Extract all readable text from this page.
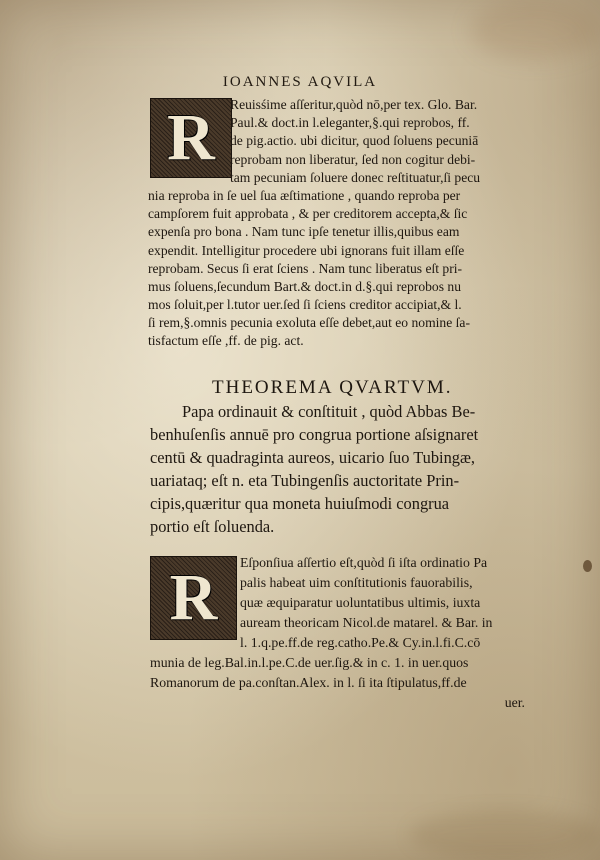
IOANNES AQVILA
R	Reuisśime aſſeritur,quòd nō,per tex. Glo. Bar.
Paul.& doct.in l.eleganter,§.qui reprobos, ff.
de pig.actio. ubi dicitur, quod ſoluens pecuniā
reprobam non liberatur, ſed non cogitur debi-
tam pecuniam ſoluere donec reſtituatur,ſi pecu
nia reproba in ſe uel ſua æſtimatione , quando reproba per
campſorem fuit approbata , & per creditorem accepta,& ſic
expenſa pro bona . Nam tunc ipſe tenetur illis,quibus eam
expendit. Intelligitur procedere ubi ignorans fuit illam eſſe
reprobam. Secus ſi erat ſciens . Nam tunc liberatus eſt pri-
mus ſoluens,ſecundum Bart.& doct.in d.§.qui reprobos nu
mos ſoluit,per l.tutor uer.ſed ſi ſciens creditor accipiat,& l.
ſi rem,§.omnis pecunia exoluta eſſe debet,aut eo nomine ſa-
tisfactum eſſe ,ff. de pig. act.
THEOREMA QVARTVM.
Papa ordinauit & conſtituit , quòd Abbas Be-
benhuſenſis annuē pro congrua portione aſsignaret
centū & quadraginta aureos, uicario ſuo Tubingæ,
uariataq; eſt n. eta Tubingenſis auctoritate Prin-
cipis,quæritur qua moneta huiuſmodi congrua
portio eſt ſoluenda.
R	Eſponſiua aſſertio eſt,quòd ſi iſta ordinatio Pa
palis habeat uim conſtitutionis fauorabilis,
quæ æquiparatur uoluntatibus ultimis, iuxta
auream theoricam Nicol.de matarel. & Bar. in
l. 1.q.pe.ff.de reg.catho.Pe.& Cy.in.l.fi.C.cō
munia de leg.Bal.in.l.pe.C.de uer.ſig.& in c. 1. in uer.quos
Romanorum de pa.conſtan.Alex. in l. ſi ita ſtipulatus,ff.de
uer.
